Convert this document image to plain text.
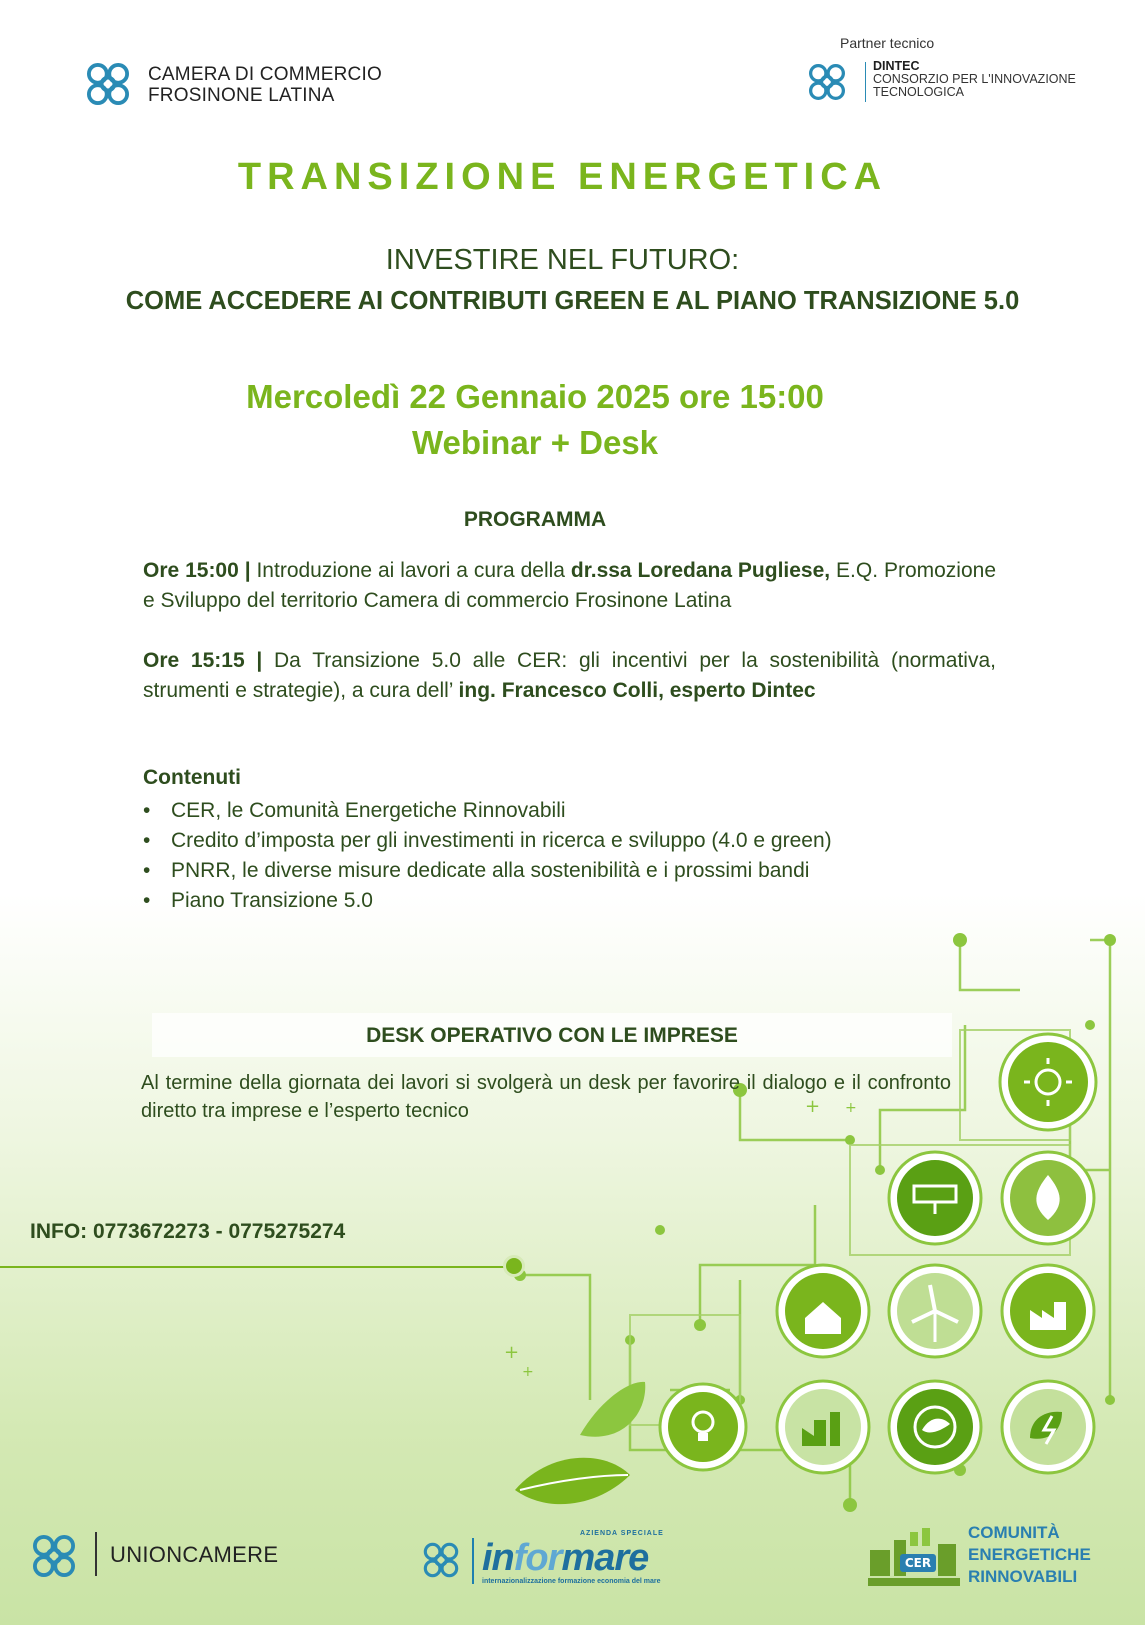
CAMERA DI COMMERCIO
FROSINONE LATINA
Partner tecnico
DINTEC
CONSORZIO PER L'INNOVAZIONE
TECNOLOGICA
TRANSIZIONE ENERGETICA
INVESTIRE NEL FUTURO:
COME ACCEDERE AI CONTRIBUTI GREEN E AL PIANO TRANSIZIONE 5.0
Mercoledì 22 Gennaio 2025 ore 15:00
Webinar + Desk
PROGRAMMA
Ore 15:00 | Introduzione ai lavori a cura della dr.ssa Loredana Pugliese, E.Q. Promozione e Sviluppo del territorio Camera di commercio Frosinone Latina
Ore 15:15 | Da Transizione 5.0 alle CER: gli incentivi per la sostenibilità (normativa, strumenti e strategie), a cura dell’ ing. Francesco Colli, esperto Dintec
Contenuti
• CER, le Comunità Energetiche Rinnovabili
• Credito d’imposta per gli investimenti in ricerca e sviluppo (4.0 e green)
• PNRR, le diverse misure dedicate alla sostenibilità e i prossimi bandi
• Piano Transizione 5.0
+ +
+
+
DESK OPERATIVO CON LE IMPRESE
Al termine della giornata dei lavori si svolgerà un desk per favorire il dialogo e il confronto diretto tra imprese e l’esperto tecnico
INFO: 0773672273 - 0775275274
UNIONCAMERE
AZIENDA SPECIALE
informare
internazionalizzazione formazione economia del mare
CER
COMUNITÀ
ENERGETICHE
RINNOVABILI
